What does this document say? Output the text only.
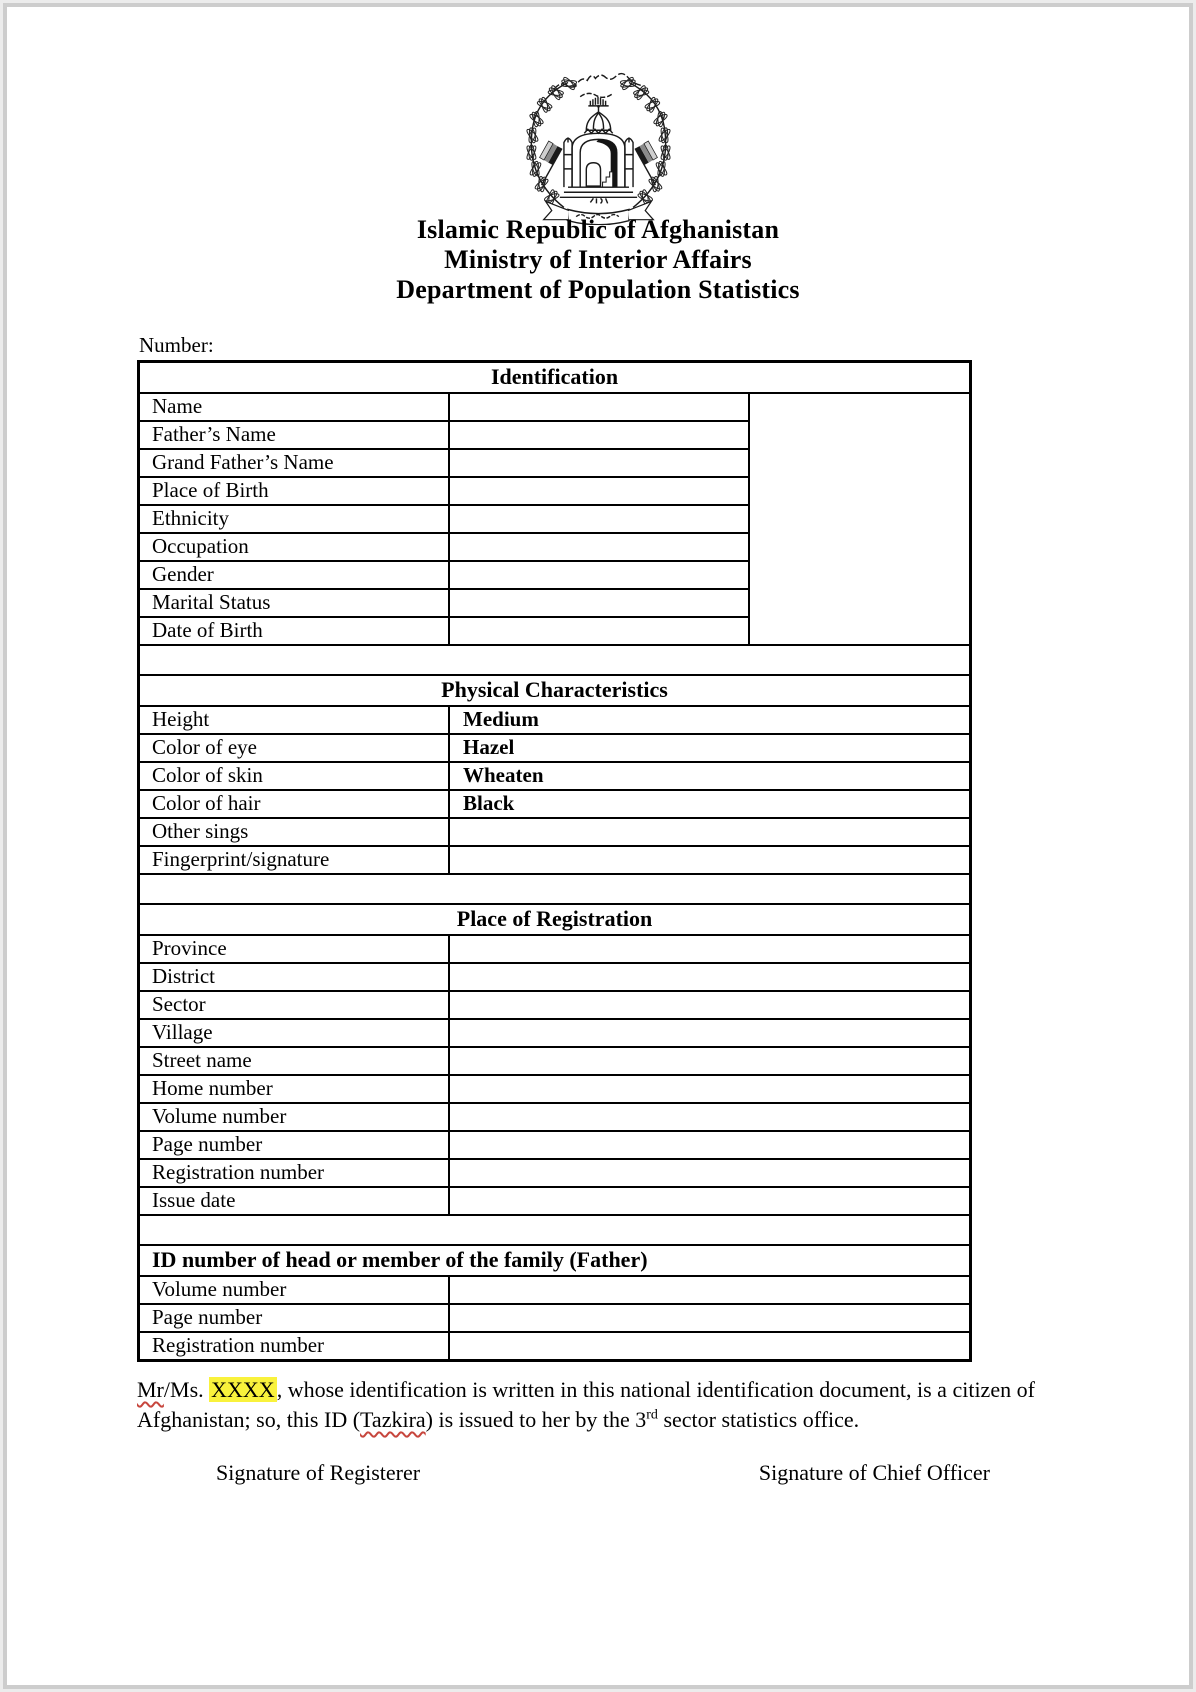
Islamic Republic of Afghanistan
Ministry of Interior Affairs
Department of Population Statistics
Number:
Identification
Name
Father’s Name
Grand Father’s Name
Place of Birth
Ethnicity
Occupation
Gender
Marital Status
Date of Birth
Physical Characteristics
Height	Medium
Color of eye	Hazel
Color of skin	Wheaten
Color of hair	Black
Other sings
Fingerprint/signature
Place of Registration
Province
District
Sector
Village
Street name
Home number
Volume number
Page number
Registration number
Issue date
ID number of head or member of the family (Father)
Volume number
Page number
Registration number

Mr/Ms. XXXX, whose identification is written in this national identification document, is a citizen of Afghanistan; so, this ID (Tazkira) is issued to her by the 3rd sector statistics office.

Signature of Registerer	Signature of Chief Officer
